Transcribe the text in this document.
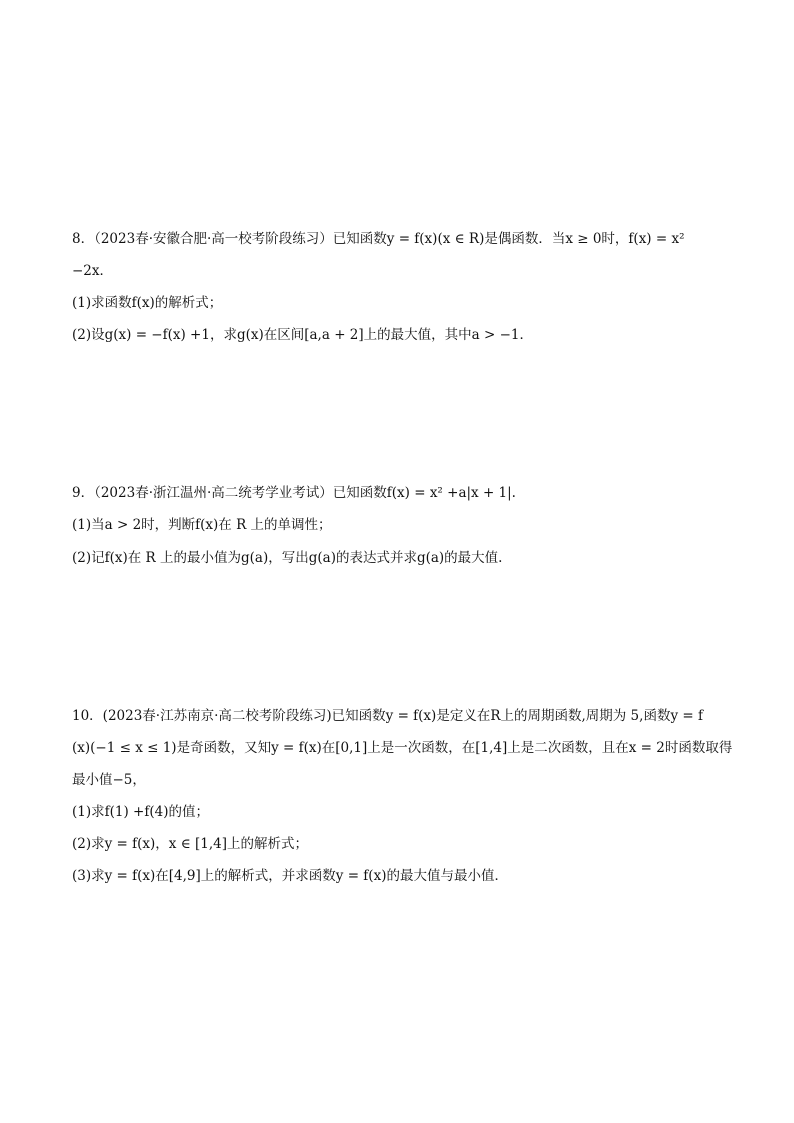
8．（2023春·安徽合肥·高一校考阶段练习）已知函数y = f(x)(x ∈ R)是偶函数．当x ≥ 0时，f(x) = x²
−2x．
(1)求函数f(x)的解析式；
(2)设g(x) = −f(x) +1，求g(x)在区间[a,a + 2]上的最大值，其中a > −1．
9．（2023春·浙江温州·高二统考学业考试）已知函数f(x) = x² +a|x + 1|.
(1)当a > 2时，判断f(x)在 R 上的单调性；
(2)记f(x)在 R 上的最小值为g(a)，写出g(a)的表达式并求g(a)的最大值.
10．(2023春·江苏南京·高二校考阶段练习)已知函数y = f(x)是定义在R上的周期函数,周期为 5,函数y = f
(x)(−1 ≤ x ≤ 1)是奇函数，又知y = f(x)在[0,1]上是一次函数，在[1,4]上是二次函数，且在x = 2时函数取得
最小值−5，
(1)求f(1) +f(4)的值；
(2)求y = f(x)，x ∈ [1,4]上的解析式；
(3)求y = f(x)在[4,9]上的解析式，并求函数y = f(x)的最大值与最小值．
